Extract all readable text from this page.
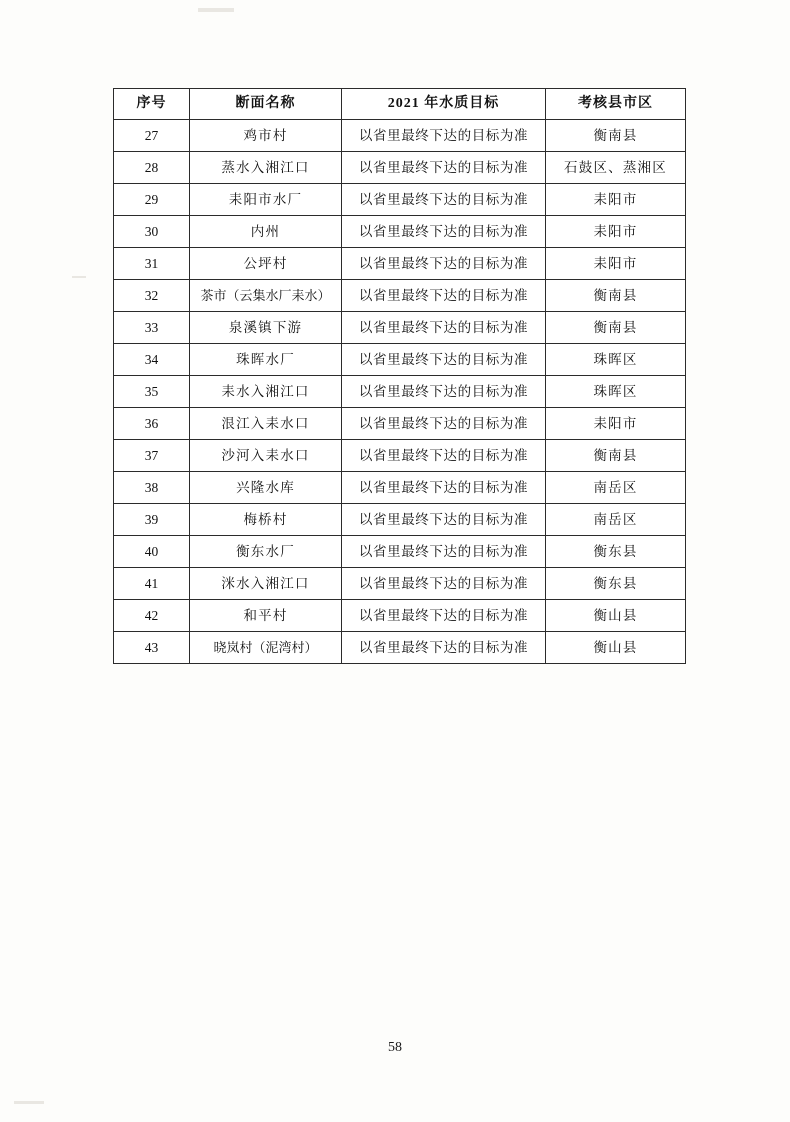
序号	断面名称	2021 年水质目标	考核县市区
27	鸡市村	以省里最终下达的目标为准	衡南县
28	蒸水入湘江口	以省里最终下达的目标为准	石鼓区、蒸湘区
29	耒阳市水厂	以省里最终下达的目标为准	耒阳市
30	内州	以省里最终下达的目标为准	耒阳市
31	公坪村	以省里最终下达的目标为准	耒阳市
32	茶市（云集水厂耒水）	以省里最终下达的目标为准	衡南县
33	泉溪镇下游	以省里最终下达的目标为准	衡南县
34	珠晖水厂	以省里最终下达的目标为准	珠晖区
35	耒水入湘江口	以省里最终下达的目标为准	珠晖区
36	泿江入耒水口	以省里最终下达的目标为准	耒阳市
37	沙河入耒水口	以省里最终下达的目标为准	衡南县
38	兴隆水库	以省里最终下达的目标为准	南岳区
39	梅桥村	以省里最终下达的目标为准	南岳区
40	衡东水厂	以省里最终下达的目标为准	衡东县
41	洣水入湘江口	以省里最终下达的目标为准	衡东县
42	和平村	以省里最终下达的目标为准	衡山县
43	晓岚村（泥湾村）	以省里最终下达的目标为准	衡山县
58
